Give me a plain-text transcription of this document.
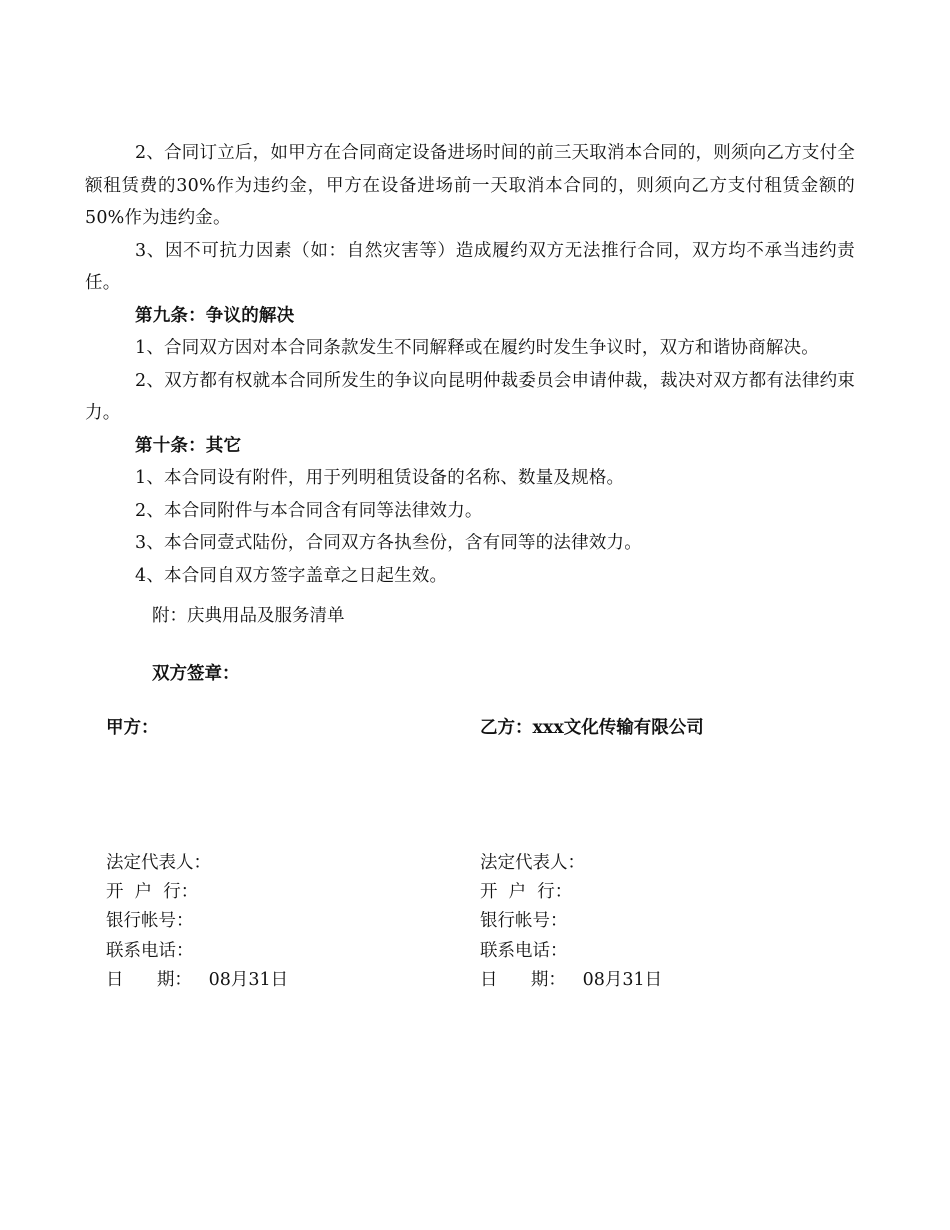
2、合同订立后，如甲方在合同商定设备进场时间的前三天取消本合同的，则须向乙方支付全额租赁费的30%作为违约金，甲方在设备进场前一天取消本合同的，则须向乙方支付租赁金额的50%作为违约金。

3、因不可抗力因素（如：自然灾害等）造成履约双方无法推行合同，双方均不承当违约责任。

第九条：争议的解决

1、合同双方因对本合同条款发生不同解释或在履约时发生争议时，双方和谐协商解决。

2、双方都有权就本合同所发生的争议向昆明仲裁委员会申请仲裁，裁决对双方都有法律约束力。

第十条：其它

1、本合同设有附件，用于列明租赁设备的名称、数量及规格。

2、本合同附件与本合同含有同等法律效力。

3、本合同壹式陆份，合同双方各执叁份，含有同等的法律效力。

4、本合同自双方签字盖章之日起生效。

附：庆典用品及服务清单

双方签章：

甲方：	乙方：xxx文化传输有限公司

法定代表人：
开  户  行：
银行帐号：
联系电话：
日      期：   08月31日
法定代表人：
开  户  行：
银行帐号：
联系电话：
日      期：   08月31日
